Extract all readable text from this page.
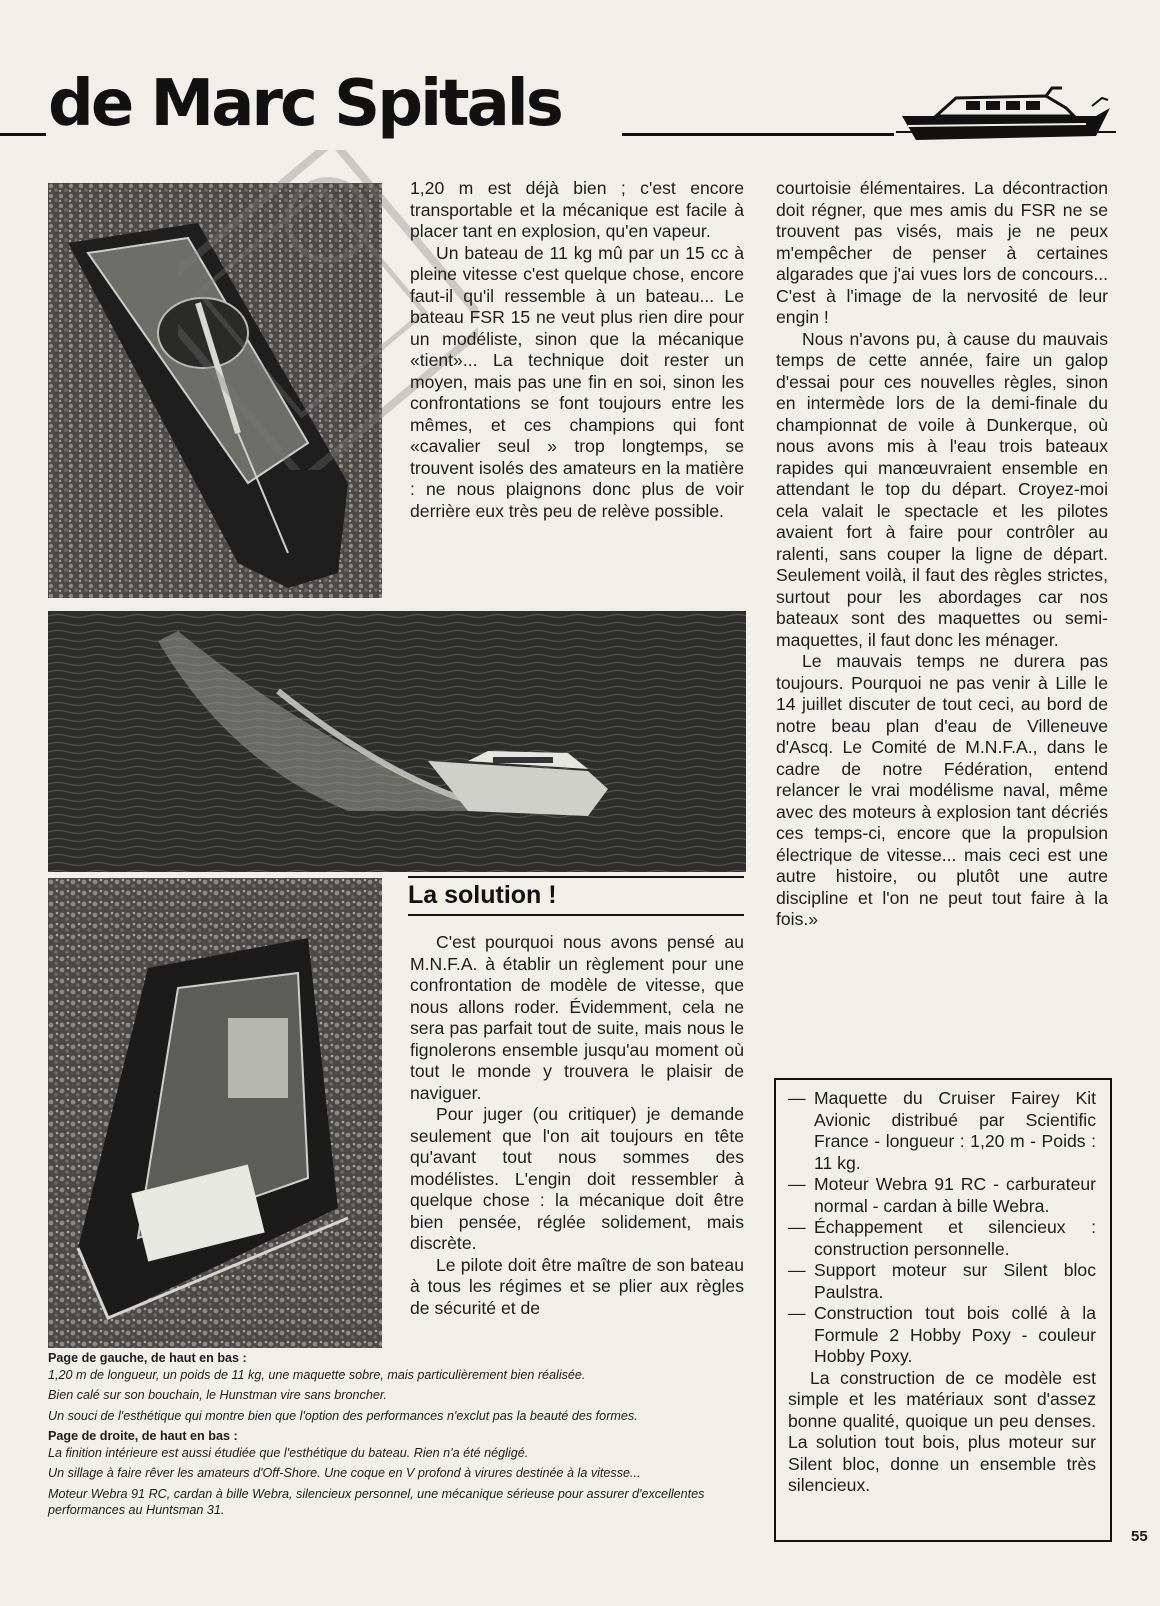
de Marc Spitals

1,20 m est déjà bien ; c'est encore transportable et la mécanique est facile à placer tant en explosion, qu'en vapeur.

Un bateau de 11 kg mû par un 15 cc à pleine vitesse c'est quelque chose, encore faut-il qu'il ressemble à un bateau... Le bateau FSR 15 ne veut plus rien dire pour un modéliste, sinon que la mécanique «tient»... La technique doit rester un moyen, mais pas une fin en soi, sinon les confrontations se font toujours entre les mêmes, et ces champions qui font «cavalier seul » trop longtemps, se trouvent isolés des amateurs en la matière : ne nous plaignons donc plus de voir derrière eux très peu de relève possible.

La solution !

C'est pourquoi nous avons pensé au M.N.F.A. à établir un règlement pour une confrontation de modèle de vitesse, que nous allons roder. Évidemment, cela ne sera pas parfait tout de suite, mais nous le fignolerons ensemble jusqu'au moment où tout le monde y trouvera le plaisir de naviguer.

Pour juger (ou critiquer) je demande seulement que l'on ait toujours en tête qu'avant tout nous sommes des modélistes. L'engin doit ressembler à quelque chose : la mécanique doit être bien pensée, réglée solidement, mais discrète.

Le pilote doit être maître de son bateau à tous les régimes et se plier aux règles de sécurité et de

courtoisie élémentaires. La décontraction doit régner, que mes amis du FSR ne se trouvent pas visés, mais je ne peux m'empêcher de penser à certaines algarades que j'ai vues lors de concours... C'est à l'image de la nervosité de leur engin !

Nous n'avons pu, à cause du mauvais temps de cette année, faire un galop d'essai pour ces nouvelles règles, sinon en intermède lors de la demi-finale du championnat de voile à Dunkerque, où nous avons mis à l'eau trois bateaux rapides qui manœuvraient ensemble en attendant le top du départ. Croyez-moi cela valait le spectacle et les pilotes avaient fort à faire pour contrôler au ralenti, sans couper la ligne de départ. Seulement voilà, il faut des règles strictes, surtout pour les abordages car nos bateaux sont des maquettes ou semi-maquettes, il faut donc les ménager.

Le mauvais temps ne durera pas toujours. Pourquoi ne pas venir à Lille le 14 juillet discuter de tout ceci, au bord de notre beau plan d'eau de Villeneuve d'Ascq. Le Comité de M.N.F.A., dans le cadre de notre Fédération, entend relancer le vrai modélisme naval, même avec des moteurs à explosion tant décriés ces temps-ci, encore que la propulsion électrique de vitesse... mais ceci est une autre histoire, ou plutôt une autre discipline et l'on ne peut tout faire à la fois.»

— Maquette du Cruiser Fairey Kit Avionic distribué par Scientific France - longueur : 1,20 m - Poids : 11 kg.
— Moteur Webra 91 RC - carburateur normal - cardan à bille Webra.
— Échappement et silencieux : construction personnelle.
— Support moteur sur Silent bloc Paulstra.
— Construction tout bois collé à la Formule 2 Hobby Poxy - couleur Hobby Poxy.

La construction de ce modèle est simple et les matériaux sont d'assez bonne qualité, quoique un peu denses. La solution tout bois, plus moteur sur Silent bloc, donne un ensemble très silencieux.

Page de gauche, de haut en bas :
1,20 m de longueur, un poids de 11 kg, une maquette sobre, mais particulièrement bien réalisée.
Bien calé sur son bouchain, le Hunstman vire sans broncher.
Un souci de l'esthétique qui montre bien que l'option des performances n'exclut pas la beauté des formes.
Page de droite, de haut en bas :
La finition intérieure est aussi étudiée que l'esthétique du bateau. Rien n'a été négligé.
Un sillage à faire rêver les amateurs d'Off-Shore. Une coque en V profond à virures destinée à la vitesse...
Moteur Webra 91 RC, cardan à bille Webra, silencieux personnel, une mécanique sérieuse pour assurer d'excellentes performances au Huntsman 31.
55
